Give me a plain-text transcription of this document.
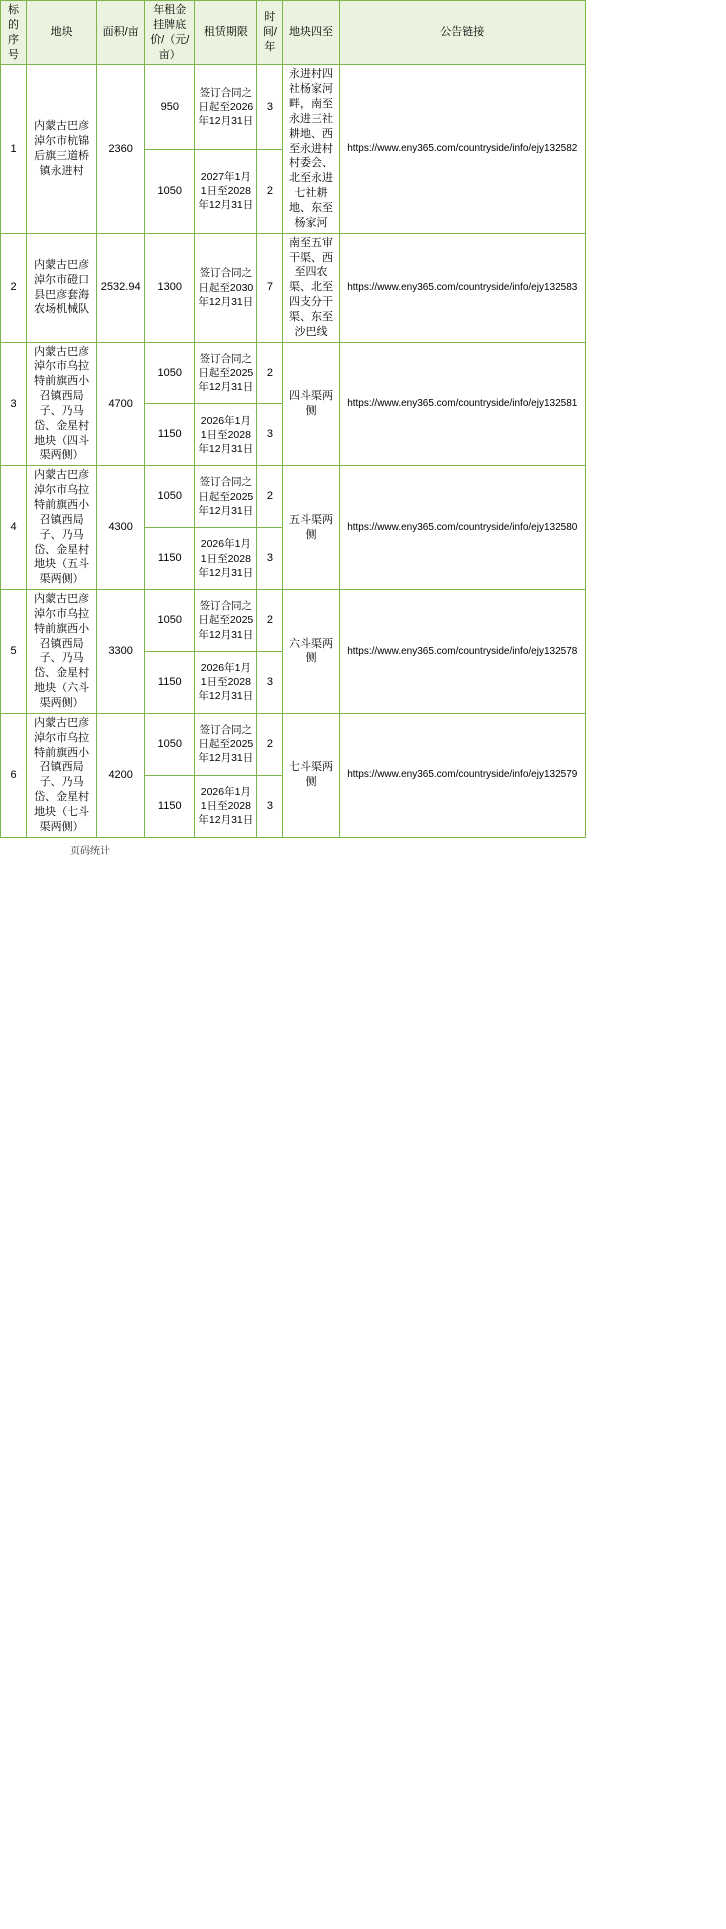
标的序号	地块	面积/亩	年租金挂牌底价/（元/亩）	租赁期限	时间/年	地块四至	公告链接
1	内蒙古巴彦淖尔市杭锦后旗三道桥镇永进村	2360	950	签订合同之日起至2026年12月31日	3	永进村四社杨家河畔，南至永进三社耕地、西至永进村村委会、北至永进七社耕地、东至杨家河	https://www.eny365.com/countryside/info/ejy132582
			1050	2027年1月1日至2028年12月31日	2		
2	内蒙古巴彦淖尔市磴口县巴彦套海农场机械队	2532.94	1300	签订合同之日起至2030年12月31日	7	南至五审干渠、西至四农渠、北至四支分干渠、东至沙巴线	https://www.eny365.com/countryside/info/ejy132583
3	内蒙古巴彦淖尔市乌拉特前旗西小召镇西局子、乃马岱、金星村地块（四斗渠两侧）	4700	1050	签订合同之日起至2025年12月31日	2	四斗渠两侧	https://www.eny365.com/countryside/info/ejy132581
			1150	2026年1月1日至2028年12月31日	3		
4	内蒙古巴彦淖尔市乌拉特前旗西小召镇西局子、乃马岱、金星村地块（五斗渠两侧）	4300	1050	签订合同之日起至2025年12月31日	2	五斗渠两侧	https://www.eny365.com/countryside/info/ejy132580
			1150	2026年1月1日至2028年12月31日	3		
5	内蒙古巴彦淖尔市乌拉特前旗西小召镇西局子、乃马岱、金星村地块（六斗渠两侧）	3300	1050	签订合同之日起至2025年12月31日	2	六斗渠两侧	https://www.eny365.com/countryside/info/ejy132578
			1150	2026年1月1日至2028年12月31日	3		
6	内蒙古巴彦淖尔市乌拉特前旗西小召镇西局子、乃马岱、金星村地块（七斗渠两侧）	4200	1050	签订合同之日起至2025年12月31日	2	七斗渠两侧	https://www.eny365.com/countryside/info/ejy132579
			1150	2026年1月1日至2028年12月31日	3		
页码统计
